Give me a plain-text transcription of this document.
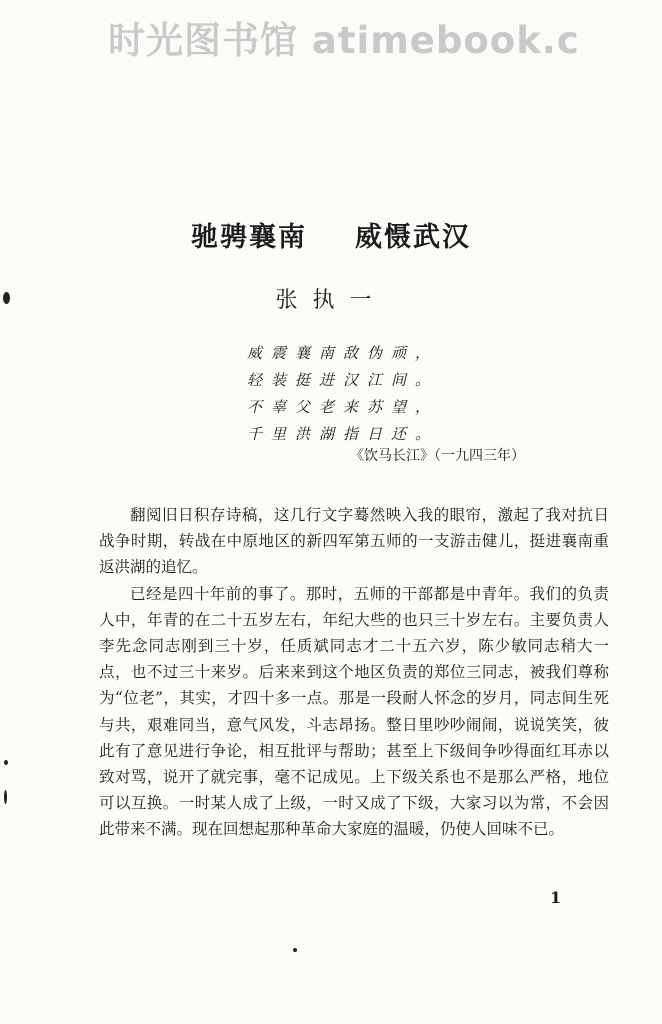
时光图书馆 atimebook.c
驰骋襄南 威慑武汉
张执一
威震襄南敌伪顽，
轻装挺进汉江间。
不辜父老来苏望，
千里洪湖指日还。
《饮马长江》（一九四三年）

翻阅旧日积存诗稿，这几行文字蓦然映入我的眼帘，激起了我对抗日战争时期，转战在中原地区的新四军第五师的一支游击健儿，挺进襄南重返洪湖的追忆。

已经是四十年前的事了。那时，五师的干部都是中青年。我们的负责人中，年青的在二十五岁左右，年纪大些的也只三十岁左右。主要负责人李先念同志刚到三十岁，任质斌同志才二十五六岁，陈少敏同志稍大一点，也不过三十来岁。后来来到这个地区负责的郑位三同志，被我们尊称为“位老”，其实，才四十多一点。那是一段耐人怀念的岁月，同志间生死与共，艰难同当，意气风发，斗志昂扬。整日里吵吵闹闹，说说笑笑，彼此有了意见进行争论，相互批评与帮助；甚至上下级间争吵得面红耳赤以致对骂，说开了就完事，毫不记成见。上下级关系也不是那么严格，地位可以互换。一时某人成了上级，一时又成了下级，大家习以为常，不会因此带来不满。现在回想起那种革命大家庭的温暖，仍使人回味不已。

1
